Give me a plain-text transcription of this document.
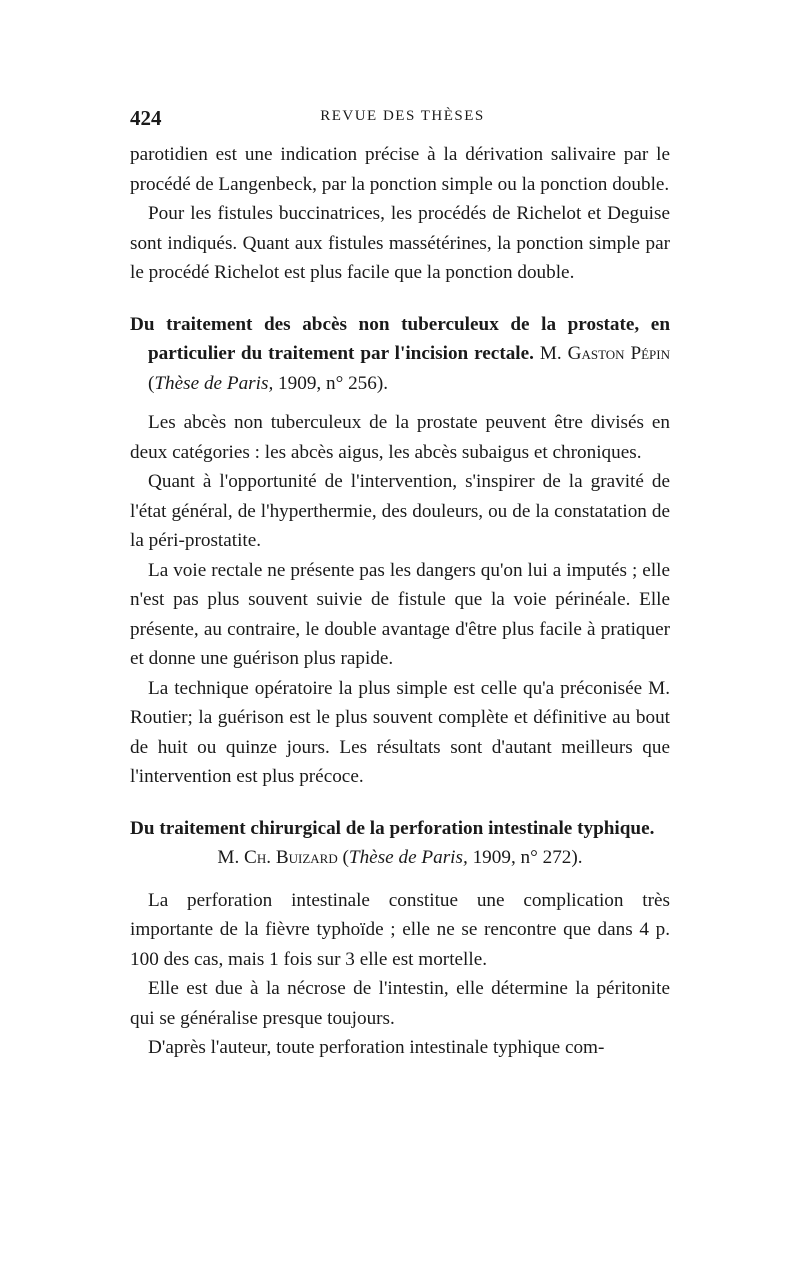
424	REVUE DES THÈSES

parotidien est une indication précise à la dérivation salivaire par le procédé de Langenbeck, par la ponction simple ou la ponction double.

Pour les fistules buccinatrices, les procédés de Richelot et Deguise sont indiqués. Quant aux fistules massétérines, la ponction simple par le procédé Richelot est plus facile que la ponction double.

Du traitement des abcès non tuberculeux de la prostate, en particulier du traitement par l'incision rectale. M. Gaston Pépin (Thèse de Paris, 1909, n° 256).

Les abcès non tuberculeux de la prostate peuvent être divisés en deux catégories : les abcès aigus, les abcès subaigus et chroniques.

Quant à l'opportunité de l'intervention, s'inspirer de la gravité de l'état général, de l'hyperthermie, des douleurs, ou de la constatation de la péri-prostatite.

La voie rectale ne présente pas les dangers qu'on lui a imputés ; elle n'est pas plus souvent suivie de fistule que la voie périnéale. Elle présente, au contraire, le double avantage d'être plus facile à pratiquer et donne une guérison plus rapide.

La technique opératoire la plus simple est celle qu'a préconisée M. Routier; la guérison est le plus souvent complète et définitive au bout de huit ou quinze jours. Les résultats sont d'autant meilleurs que l'intervention est plus précoce.

Du traitement chirurgical de la perforation intestinale typhique.
M. Ch. Buizard (Thèse de Paris, 1909, n° 272).

La perforation intestinale constitue une complication très importante de la fièvre typhoïde ; elle ne se rencontre que dans 4 p. 100 des cas, mais 1 fois sur 3 elle est mortelle.

Elle est due à la nécrose de l'intestin, elle détermine la péritonite qui se généralise presque toujours.

D'après l'auteur, toute perforation intestinale typhique com-
